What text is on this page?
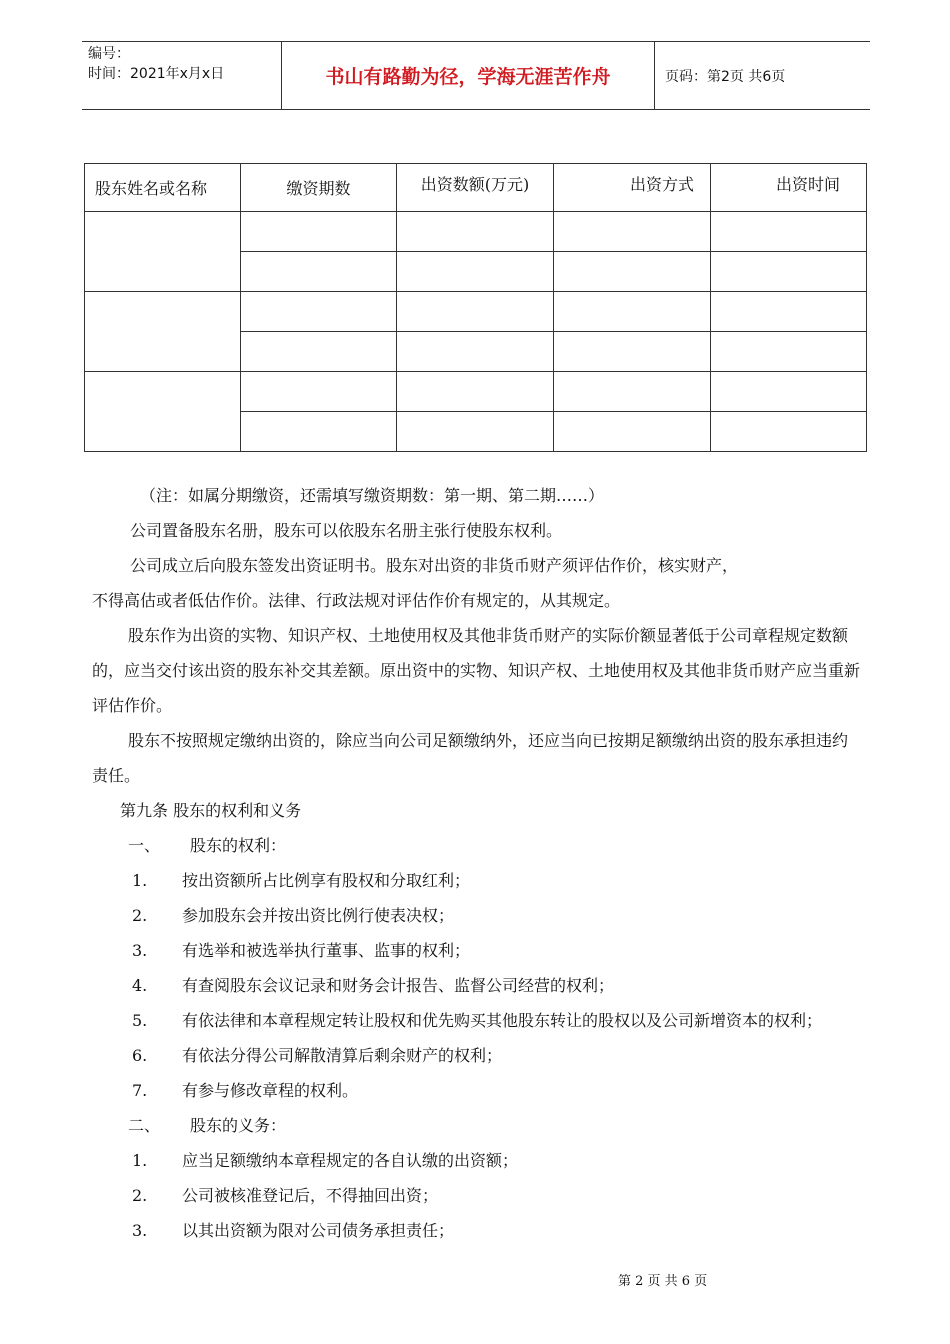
编号：
时间：2021年x月x日	书山有路勤为径，学海无涯苦作舟	页码：第2页 共6页
股东姓名或名称	缴资期数	出资数额(万元)	出资方式	出资时间

（注：如属分期缴资，还需填写缴资期数：第一期、第二期……）
公司置备股东名册，股东可以依股东名册主张行使股东权利。
公司成立后向股东签发出资证明书。股东对出资的非货币财产须评估作价，核实财产，
不得高估或者低估作价。法律、行政法规对评估作价有规定的，从其规定。
股东作为出资的实物、知识产权、土地使用权及其他非货币财产的实际价额显著低于公司章程规定数额的，应当交付该出资的股东补交其差额。原出资中的实物、知识产权、土地使用权及其他非货币财产应当重新评估作价。
股东不按照规定缴纳出资的，除应当向公司足额缴纳外，还应当向已按期足额缴纳出资的股东承担违约责任。
第九条 股东的权利和义务
一、	股东的权利：
1.	按出资额所占比例享有股权和分取红利；
2.	参加股东会并按出资比例行使表决权；
3.	有选举和被选举执行董事、监事的权利；
4.	有查阅股东会议记录和财务会计报告、监督公司经营的权利；
5.	有依法律和本章程规定转让股权和优先购买其他股东转让的股权以及公司新增资本的权利；
6.	有依法分得公司解散清算后剩余财产的权利；
7.	有参与修改章程的权利。
二、	股东的义务：
1.	应当足额缴纳本章程规定的各自认缴的出资额；
2.	公司被核准登记后，不得抽回出资；
3.	以其出资额为限对公司债务承担责任；
第 2 页 共 6 页
